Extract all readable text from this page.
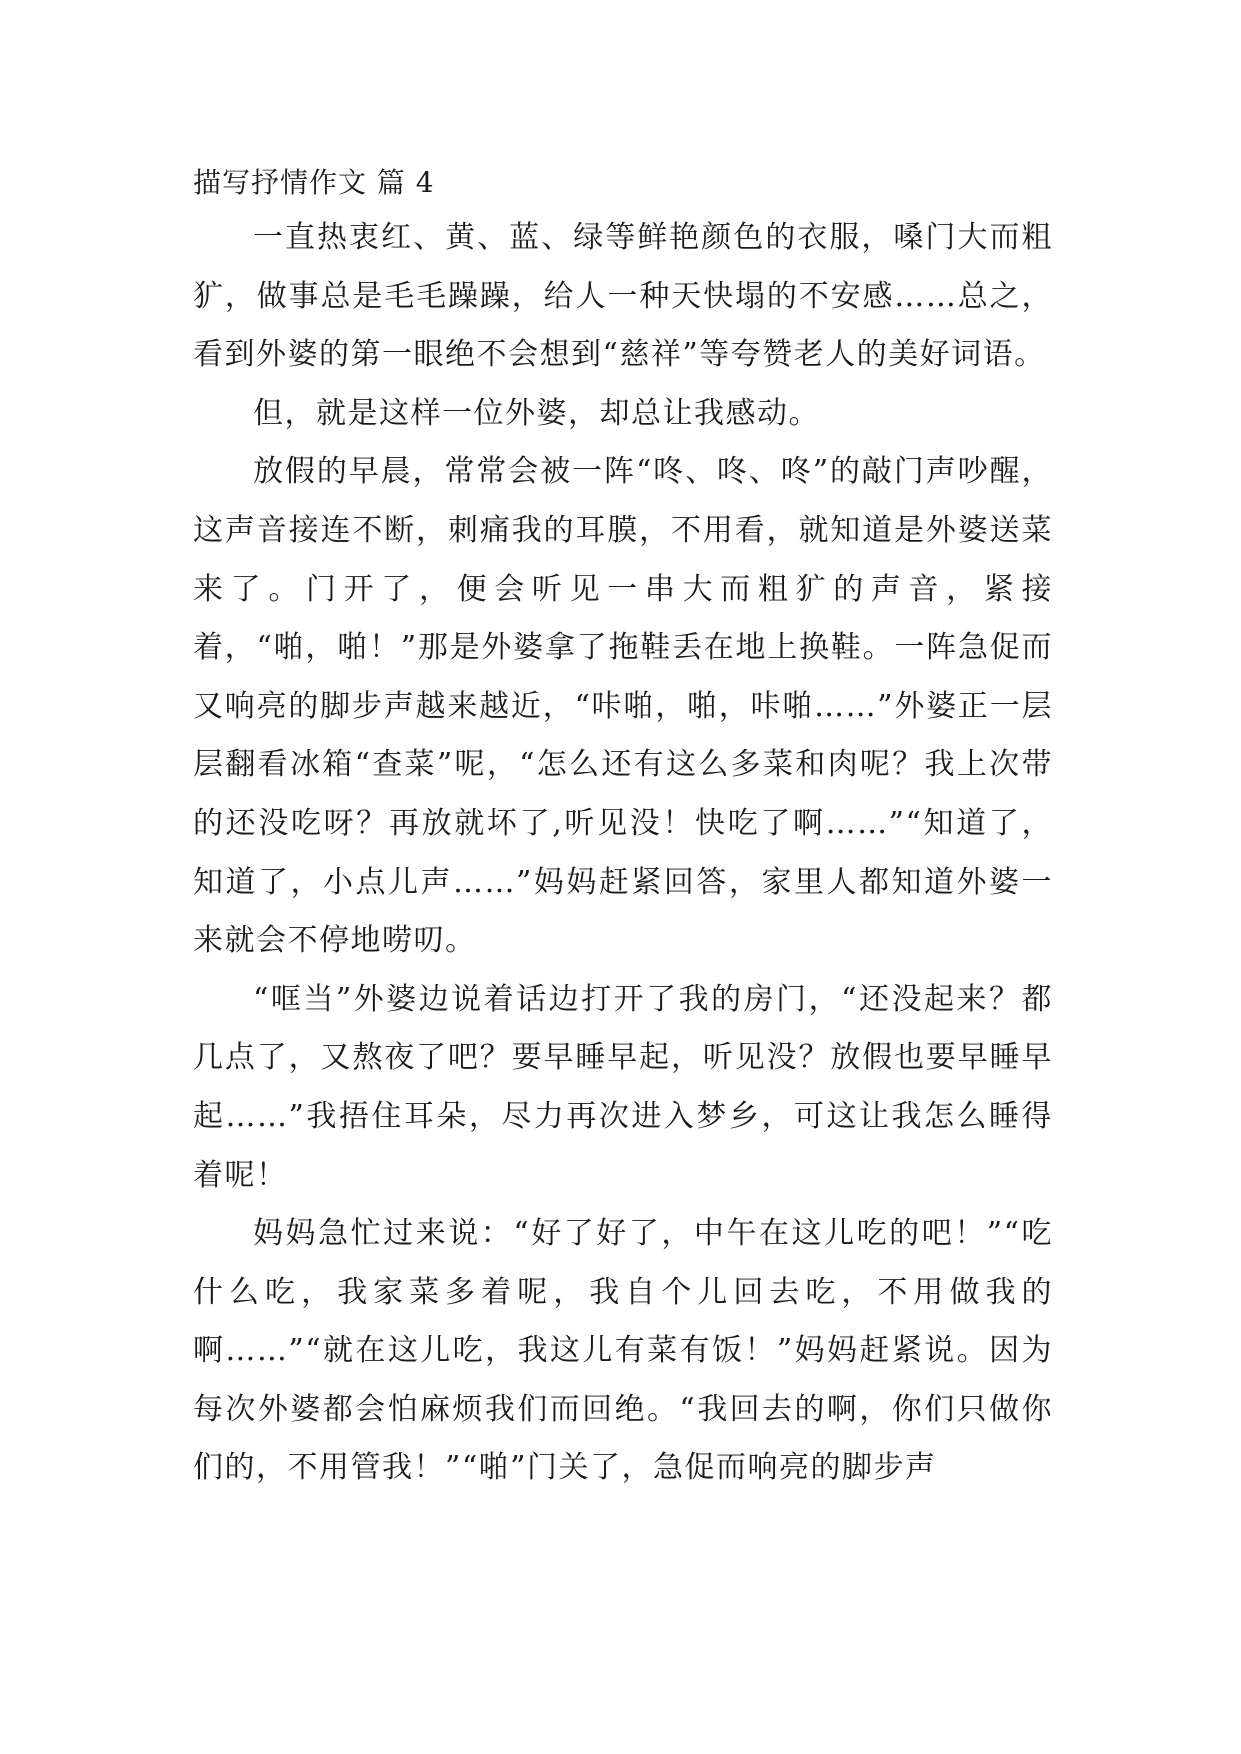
描写抒情作文 篇 4

一直热衷红、黄、蓝、绿等鲜艳颜色的衣服，嗓门大而粗犷，做事总是毛毛躁躁，给人一种天快塌的不安感……总之，看到外婆的第一眼绝不会想到“慈祥”等夸赞老人的美好词语。

但，就是这样一位外婆，却总让我感动。

放假的早晨，常常会被一阵“咚、咚、咚”的敲门声吵醒，这声音接连不断，刺痛我的耳膜，不用看，就知道是外婆送菜来了。门开了，便会听见一串大而粗犷的声音，紧接着，“啪，啪！”那是外婆拿了拖鞋丢在地上换鞋。一阵急促而又响亮的脚步声越来越近，“咔啪，啪，咔啪……”外婆正一层层翻看冰箱“查菜”呢，“怎么还有这么多菜和肉呢？我上次带的还没吃呀？再放就坏了,听见没！快吃了啊……”“知道了，知道了，小点儿声……”妈妈赶紧回答，家里人都知道外婆一来就会不停地唠叨。

“哐当”外婆边说着话边打开了我的房门，“还没起来？都几点了，又熬夜了吧？要早睡早起，听见没？放假也要早睡早起……”我捂住耳朵，尽力再次进入梦乡，可这让我怎么睡得着呢！

妈妈急忙过来说：“好了好了，中午在这儿吃的吧！”“吃什么吃，我家菜多着呢，我自个儿回去吃，不用做我的啊……”“就在这儿吃，我这儿有菜有饭！”妈妈赶紧说。因为每次外婆都会怕麻烦我们而回绝。“我回去的啊，你们只做你们的，不用管我！”“啪”门关了，急促而响亮的脚步声
